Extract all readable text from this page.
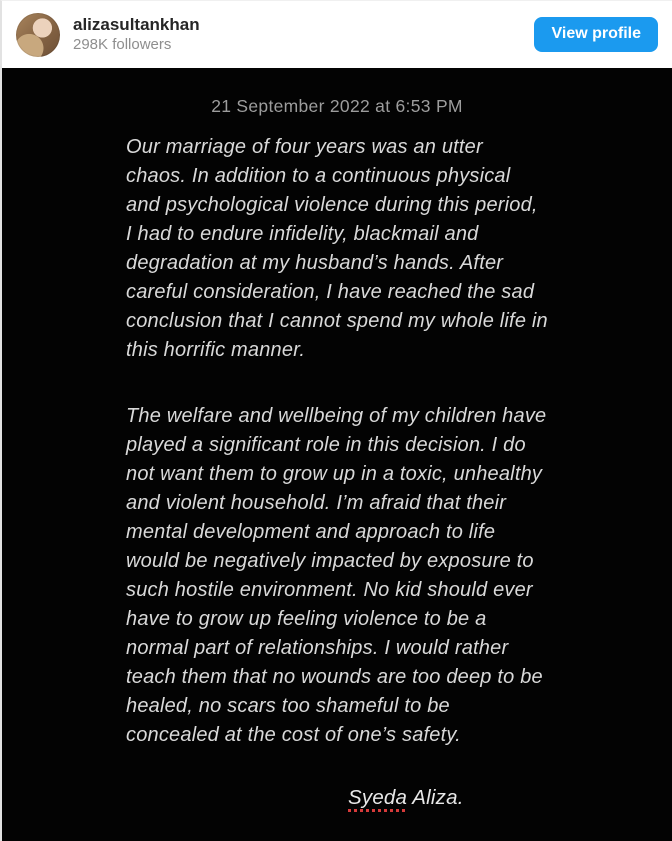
alizasultankhan
298K followers
View profile
21 September 2022 at 6:53 PM

Our marriage of four years was an utter chaos. In addition to a continuous physical and psychological violence during this period, I had to endure infidelity, blackmail and degradation at my husband’s hands. After careful consideration, I have reached the sad conclusion that I cannot spend my whole life in this horrific manner.

The welfare and wellbeing of my children have played a significant role in this decision. I do not want them to grow up in a toxic, unhealthy and violent household. I’m afraid that their mental development and approach to life would be negatively impacted by exposure to such hostile environment. No kid should ever have to grow up feeling violence to be a normal part of relationships. I would rather teach them that no wounds are too deep to be healed, no scars too shameful to be concealed at the cost of one’s safety.

Syeda Aliza.
